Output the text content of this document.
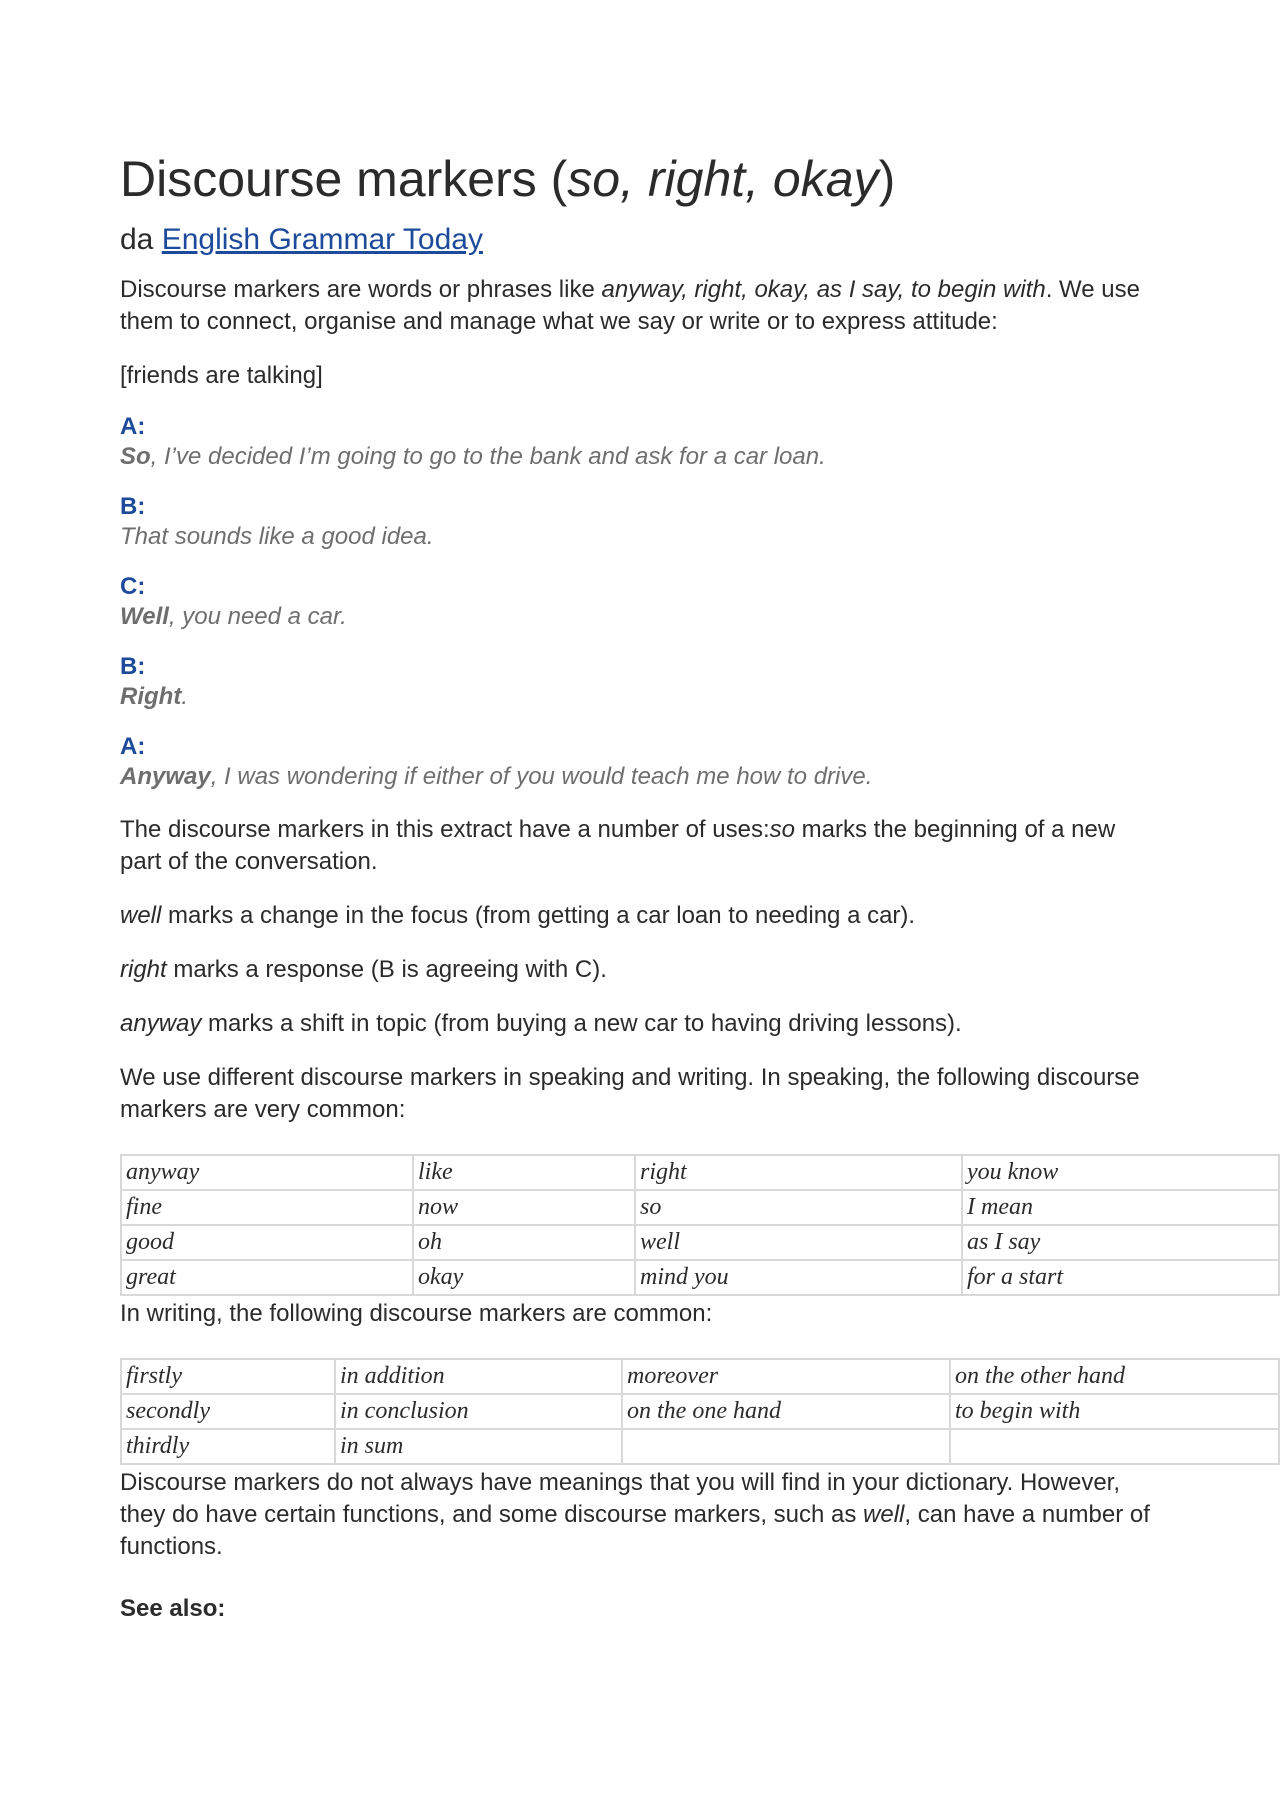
Discourse markers (so, right, okay)
da English Grammar Today

Discourse markers are words or phrases like anyway, right, okay, as I say, to begin with. We use them to connect, organise and manage what we say or write or to express attitude:

[friends are talking]

A:
So, I’ve decided I’m going to go to the bank and ask for a car loan.
B:
That sounds like a good idea.
C:
Well, you need a car.
B:
Right.
A:
Anyway, I was wondering if either of you would teach me how to drive.

The discourse markers in this extract have a number of uses:so marks the beginning of a new part of the conversation.

well marks a change in the focus (from getting a car loan to needing a car).

right marks a response (B is agreeing with C).

anyway marks a shift in topic (from buying a new car to having driving lessons).

We use different discourse markers in speaking and writing. In speaking, the following discourse markers are very common:

anyway	like	right	you know
fine	now	so	I mean
good	oh	well	as I say
great	okay	mind you	for a start

In writing, the following discourse markers are common:

firstly	in addition	moreover	on the other hand
secondly	in conclusion	on the one hand	to begin with
thirdly	in sum		

Discourse markers do not always have meanings that you will find in your dictionary. However, they do have certain functions, and some discourse markers, such as well, can have a number of functions.

See also:
